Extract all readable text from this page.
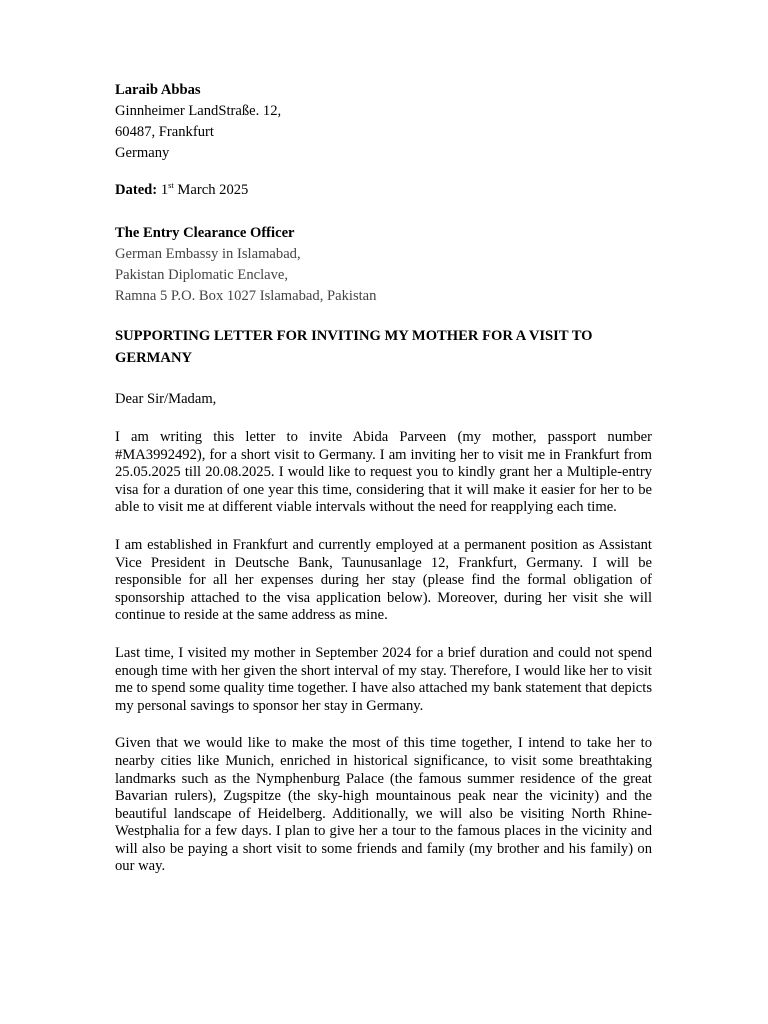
Laraib Abbas
Ginnheimer LandStraße. 12,
60487, Frankfurt
Germany
Dated: 1st March 2025
The Entry Clearance Officer
German Embassy in Islamabad,
Pakistan Diplomatic Enclave,
Ramna 5 P.O. Box 1027 Islamabad, Pakistan
SUPPORTING LETTER FOR INVITING MY MOTHER FOR A VISIT TO GERMANY
Dear Sir/Madam,

I am writing this letter to invite Abida Parveen (my mother, passport number #MA3992492), for a short visit to Germany. I am inviting her to visit me in Frankfurt from 25.05.2025 till 20.08.2025. I would like to request you to kindly grant her a Multiple-entry visa for a duration of one year this time, considering that it will make it easier for her to be able to visit me at different viable intervals without the need for reapplying each time.

I am established in Frankfurt and currently employed at a permanent position as Assistant Vice President in Deutsche Bank, Taunusanlage 12, Frankfurt, Germany. I will be responsible for all her expenses during her stay (please find the formal obligation of sponsorship attached to the visa application below). Moreover, during her visit she will continue to reside at the same address as mine.

Last time, I visited my mother in September 2024 for a brief duration and could not spend enough time with her given the short interval of my stay. Therefore, I would like her to visit me to spend some quality time together. I have also attached my bank statement that depicts my personal savings to sponsor her stay in Germany.

Given that we would like to make the most of this time together, I intend to take her to nearby cities like Munich, enriched in historical significance, to visit some breathtaking landmarks such as the Nymphenburg Palace (the famous summer residence of the great Bavarian rulers), Zugspitze (the sky-high mountainous peak near the vicinity) and the beautiful landscape of Heidelberg. Additionally, we will also be visiting North Rhine- Westphalia for a few days. I plan to give her a tour to the famous places in the vicinity and will also be paying a short visit to some friends and family (my brother and his family) on our way.
